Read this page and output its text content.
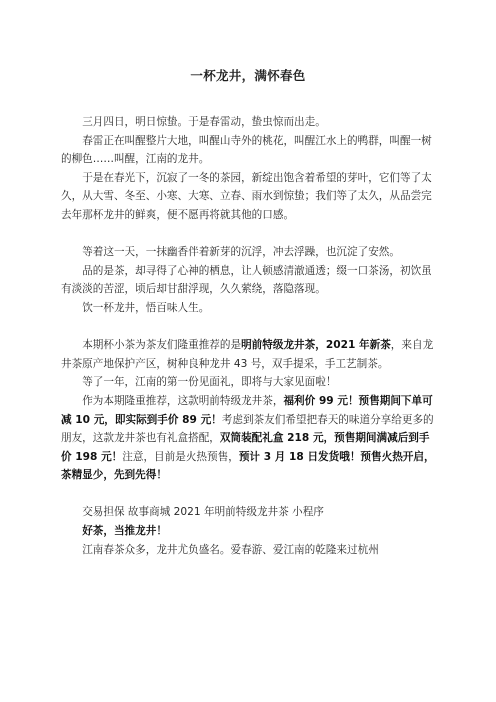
一杯龙井，满怀春色

三月四日，明日惊蛰。于是春雷动，蛰虫惊而出走。

春雷正在叫醒整片大地，叫醒山寺外的桃花，叫醒江水上的鸭群，叫醒一树的柳色……叫醒，江南的龙井。

于是在春光下，沉寂了一冬的茶园，新绽出饱含着希望的芽叶，它们等了太久，从大雪、冬至、小寒、大寒、立春、雨水到惊蛰；我们等了太久，从品尝完去年那杯龙井的鲜爽，便不愿再将就其他的口感。

等着这一天，一抹幽香伴着新芽的沉浮，冲去浮躁，也沉淀了安然。

品的是茶，却寻得了心神的栖息，让人顿感清澈通透；缀一口茶汤，初饮虽有淡淡的苦涩，顷后却甘甜浮现，久久萦绕，落隐落现。

饮一杯龙井，悟百味人生。

本期杯小茶为茶友们隆重推荐的是明前特级龙井茶，2021 年新茶，来自龙井茶原产地保护产区，树种良种龙井 43 号，双手提采，手工艺制茶。

等了一年，江南的第一份见面礼，即将与大家见面啦！

作为本期隆重推荐，这款明前特级龙井茶，福利价 99 元！预售期间下单可减 10 元，即实际到手价 89 元！考虑到茶友们希望把春天的味道分享给更多的朋友，这款龙井茶也有礼盒搭配，双筒装配礼盒 218 元，预售期间满减后到手价 198 元！注意，目前是火热预售，预计 3 月 18 日发货哦！预售火热开启，茶精显少，先到先得！

交易担保 故事商城 2021 年明前特级龙井茶 小程序

好茶，当推龙井！

江南春茶众多，龙井尤负盛名。爱春游、爱江南的乾隆来过杭州
